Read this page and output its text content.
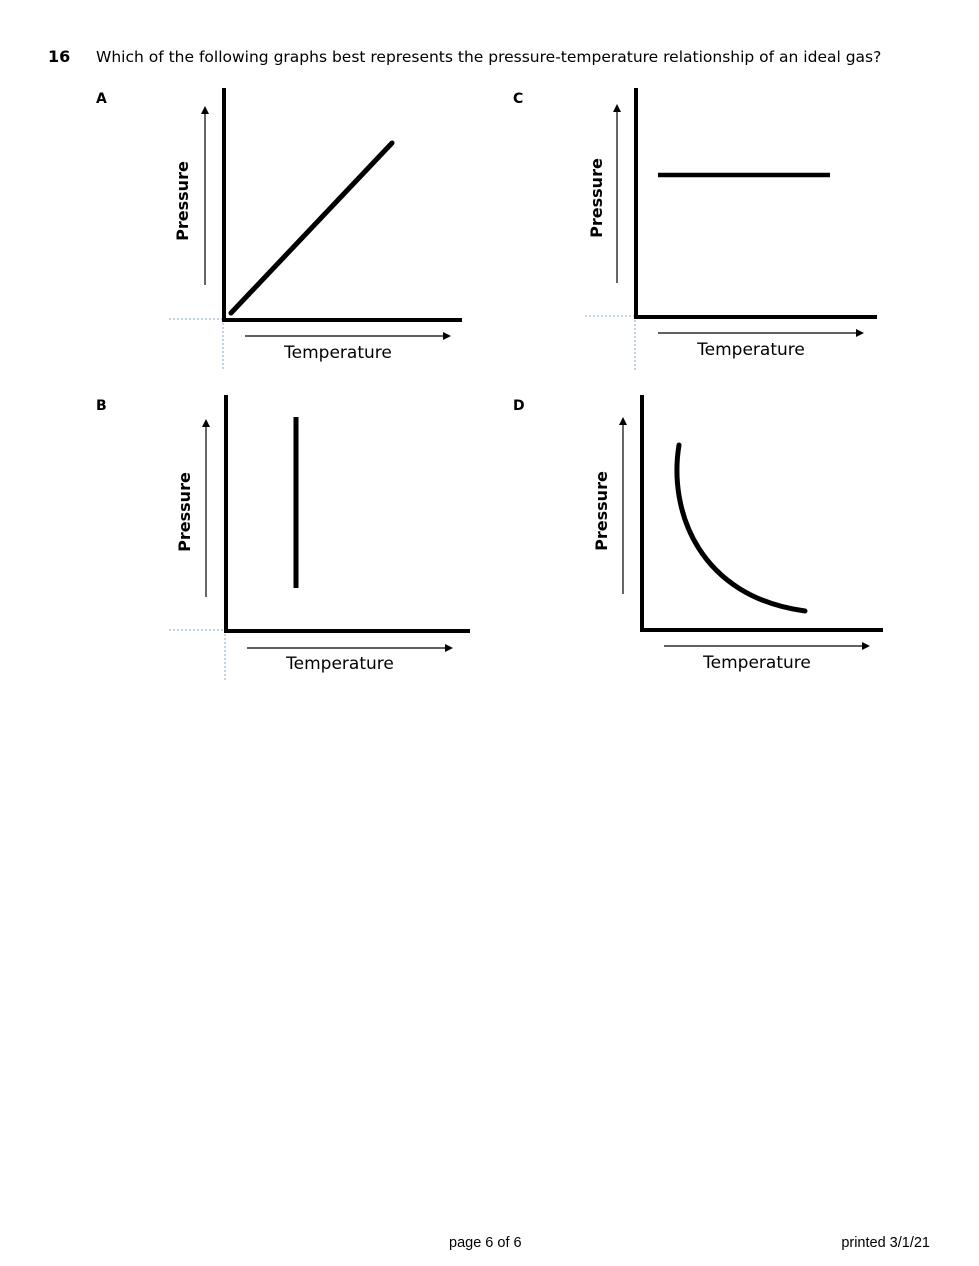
16 Which of the following graphs best represents the pressure-temperature relationship of an ideal gas?
A
Pressure
Temperature
B
Pressure
Temperature
C
Pressure
Temperature
D
Pressure
Temperature
page 6 of 6	printed 3/1/21
